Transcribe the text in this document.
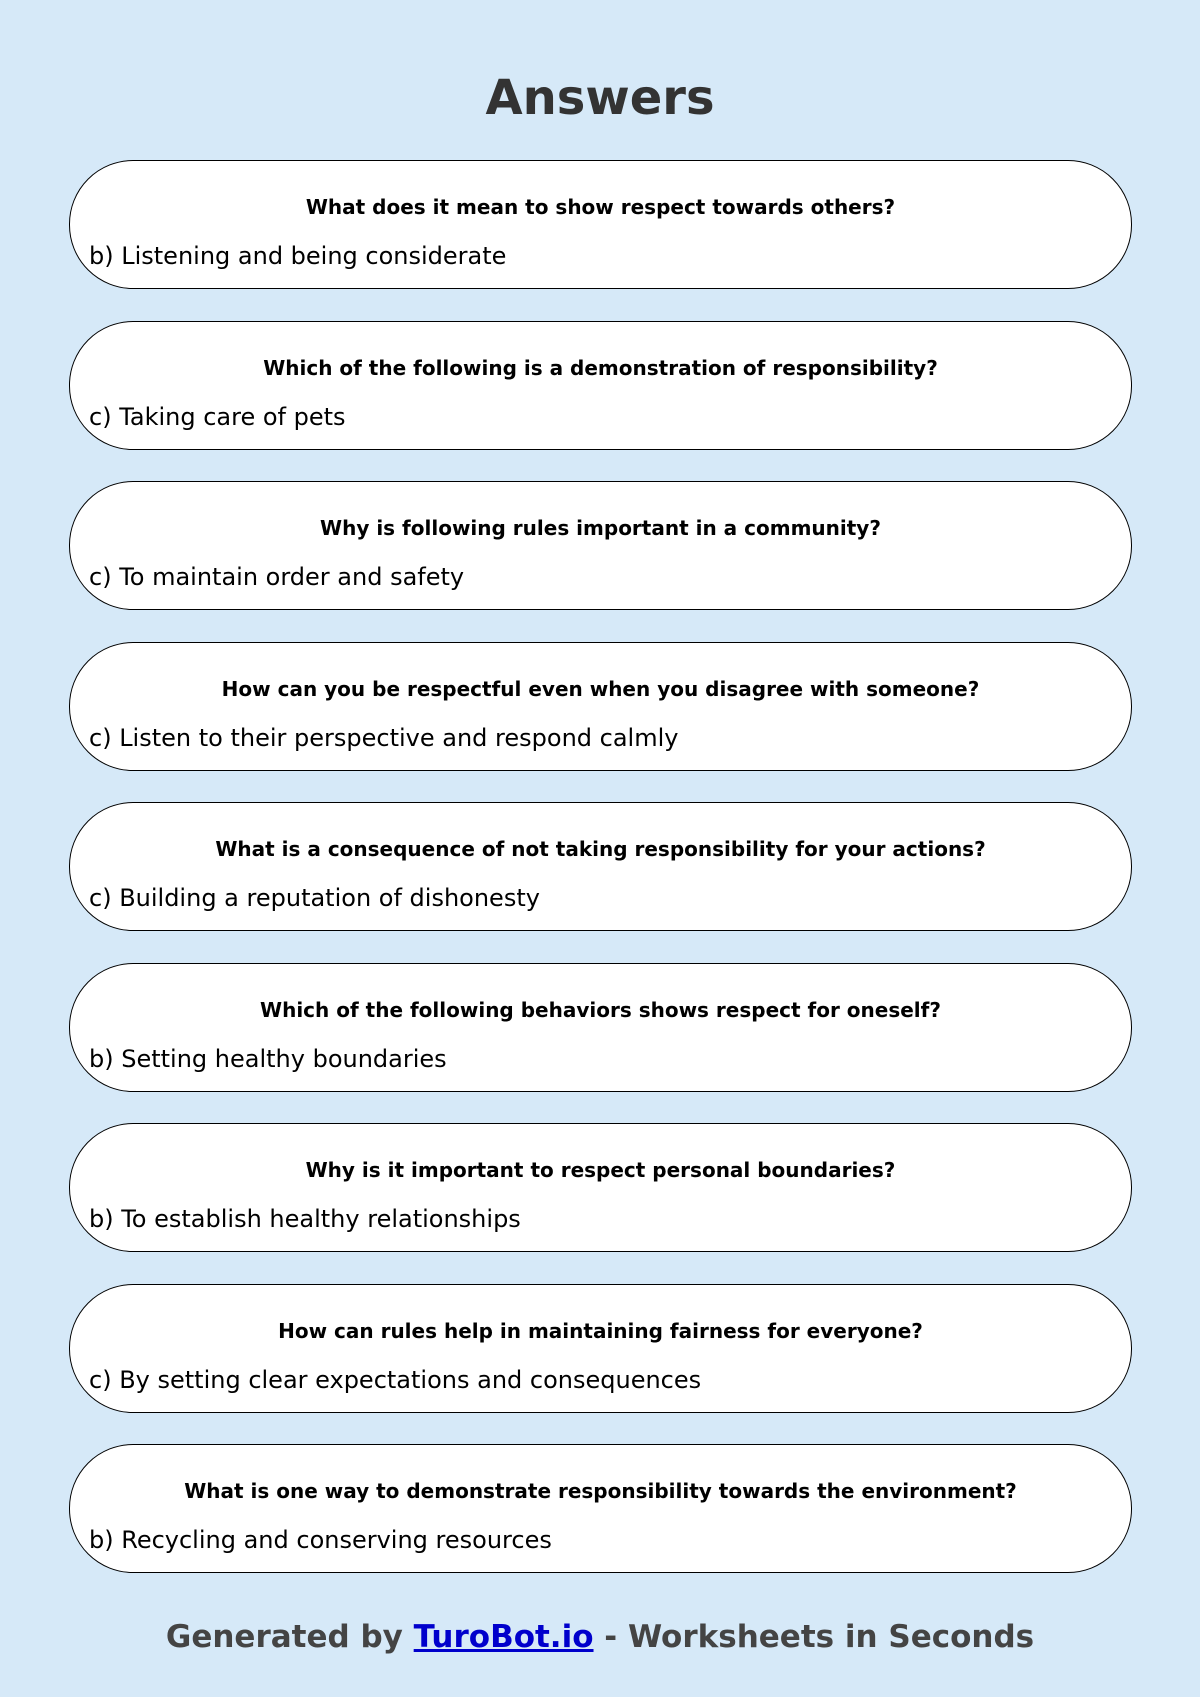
Answers
What does it mean to show respect towards others?
b) Listening and being considerate
Which of the following is a demonstration of responsibility?
c) Taking care of pets
Why is following rules important in a community?
c) To maintain order and safety
How can you be respectful even when you disagree with someone?
c) Listen to their perspective and respond calmly
What is a consequence of not taking responsibility for your actions?
c) Building a reputation of dishonesty
Which of the following behaviors shows respect for oneself?
b) Setting healthy boundaries
Why is it important to respect personal boundaries?
b) To establish healthy relationships
How can rules help in maintaining fairness for everyone?
c) By setting clear expectations and consequences
What is one way to demonstrate responsibility towards the environment?
b) Recycling and conserving resources
Generated by TuroBot.io - Worksheets in Seconds
